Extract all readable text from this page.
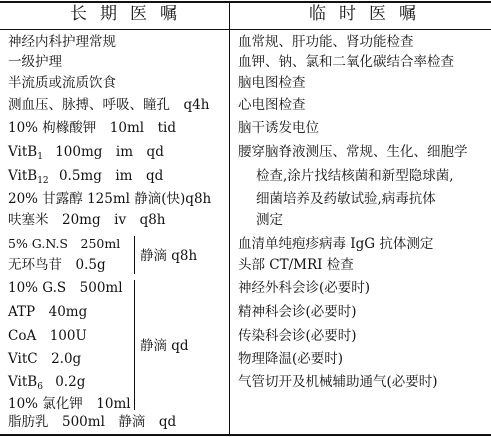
长期医嘱	临时医嘱
神经内科护理常规
一级护理
半流质或流质饮食
测血压、脉搏、呼吸、瞳孔　q4h
10% 枸橼酸钾　10ml　tid
VitB$_1$ 100mg　im　qd
VitB$_{12}$ 0.5mg　im　qd
20% 甘露醇 125ml 静滴(快)q8h
呋塞米　20mg　iv　q8h
5% G.N.S　250ml
无环鸟苷　0.5g
静滴 q8h
10% G.S　500ml
ATP　40mg
CoA　100U
VitC　2.0g
VitB$_6$ 0.2g
10% 氯化钾　10ml
静滴 qd
脂肪乳　500ml　静滴　qd
血常规、肝功能、肾功能检查
血钾、钠、氯和二氧化碳结合率检查
脑电图检查
心电图检查
脑干诱发电位
腰穿脑脊液测压、常规、生化、细胞学
检查,涂片找结核菌和新型隐球菌,
细菌培养及药敏试验,病毒抗体
测定
血清单纯疱疹病毒 IgG 抗体测定
头部 CT/MRI 检查
神经外科会诊(必要时)
精神科会诊(必要时)
传染科会诊(必要时)
物理降温(必要时)
气管切开及机械辅助通气(必要时)
